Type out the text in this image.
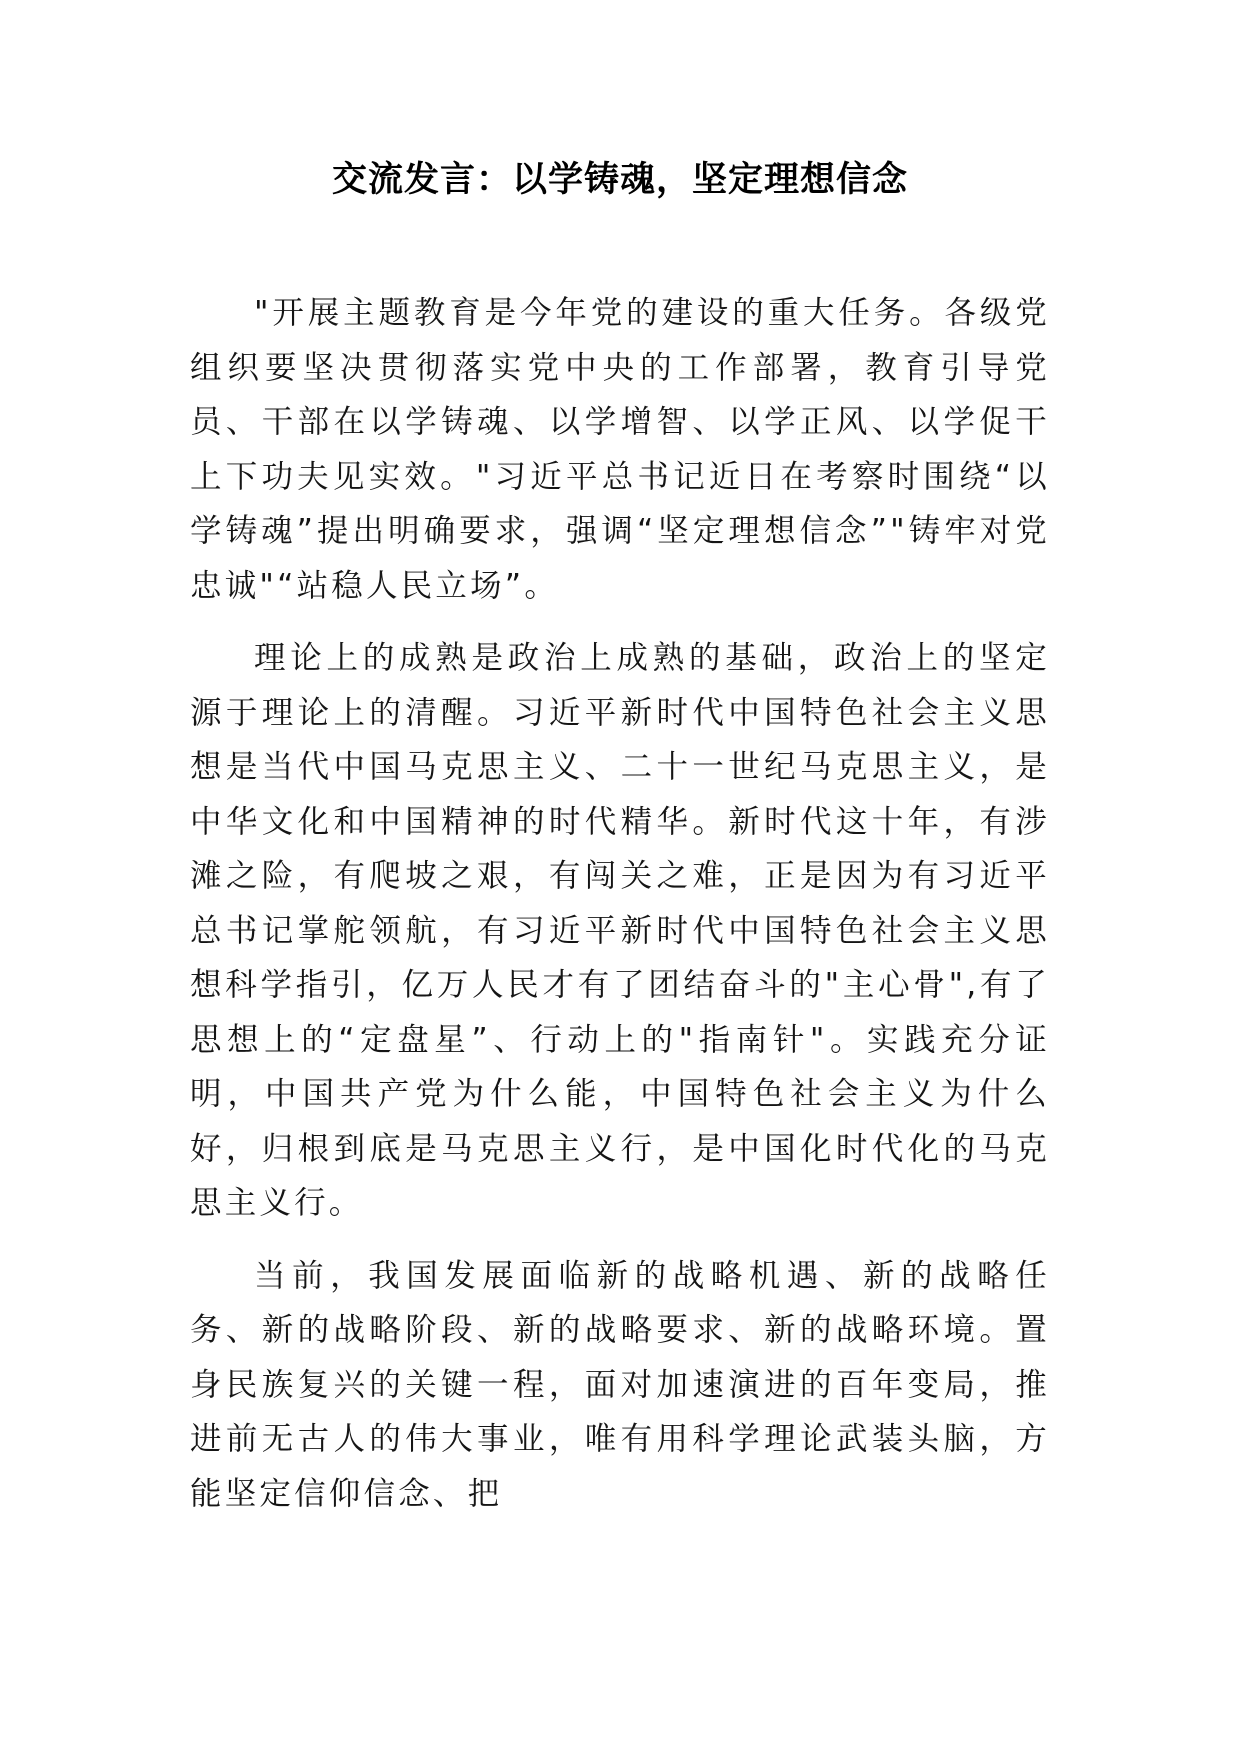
交流发言：以学铸魂，坚定理想信念

"开展主题教育是今年党的建设的重大任务。各级党组织要坚决贯彻落实党中央的工作部署，教育引导党员、干部在以学铸魂、以学增智、以学正风、以学促干上下功夫见实效。"习近平总书记近日在考察时围绕“以学铸魂”提出明确要求，强调“坚定理想信念”"铸牢对党忠诚"“站稳人民立场”。

理论上的成熟是政治上成熟的基础，政治上的坚定源于理论上的清醒。习近平新时代中国特色社会主义思想是当代中国马克思主义、二十一世纪马克思主义，是中华文化和中国精神的时代精华。新时代这十年，有涉滩之险，有爬坡之艰，有闯关之难，正是因为有习近平总书记掌舵领航，有习近平新时代中国特色社会主义思想科学指引，亿万人民才有了团结奋斗的"主心骨",有了思想上的“定盘星”、行动上的"指南针"。实践充分证明，中国共产党为什么能，中国特色社会主义为什么好，归根到底是马克思主义行，是中国化时代化的马克思主义行。

当前，我国发展面临新的战略机遇、新的战略任务、新的战略阶段、新的战略要求、新的战略环境。置身民族复兴的关键一程，面对加速演进的百年变局，推进前无古人的伟大事业，唯有用科学理论武装头脑，方能坚定信仰信念、把
